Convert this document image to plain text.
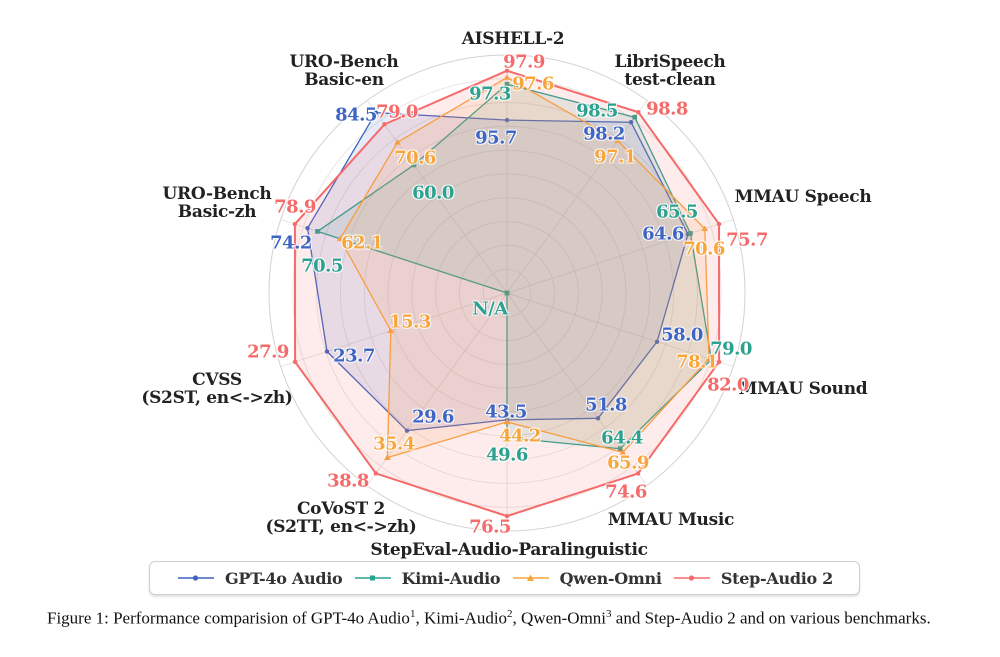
AISHELL-2
LibriSpeech
test-clean
MMAU Speech
MMAU Sound
MMAU Music
StepEval-Audio-Paralinguistic
CoVoST 2
(S2TT, en<->zh)
CVSS
(S2ST, en<->zh)
URO-Bench
Basic-zh
URO-Bench
Basic-en
95.7	98.2
64.6
58.0
51.8
43.5
29.6
23.7
74.2
84.5
97.3
98.5
65.5
79.0
64.4
49.6
70.5
60.0
97.6
97.1
70.6
78.1
65.9
44.2
35.4
15.3
62.1
70.6
97.9
98.8
75.7
82.0
74.6
76.5
38.8
27.9
78.9
79.0
N/A
GPT-4o Audio	Kimi-Audio	Qwen-Omni	Step-Audio 2
Figure 1: Performance comparision of GPT-4o Audio$^1$, Kimi-Audio$^2$, Qwen-Omni$^3$ and Step-Audio 2 and on various benchmarks.
